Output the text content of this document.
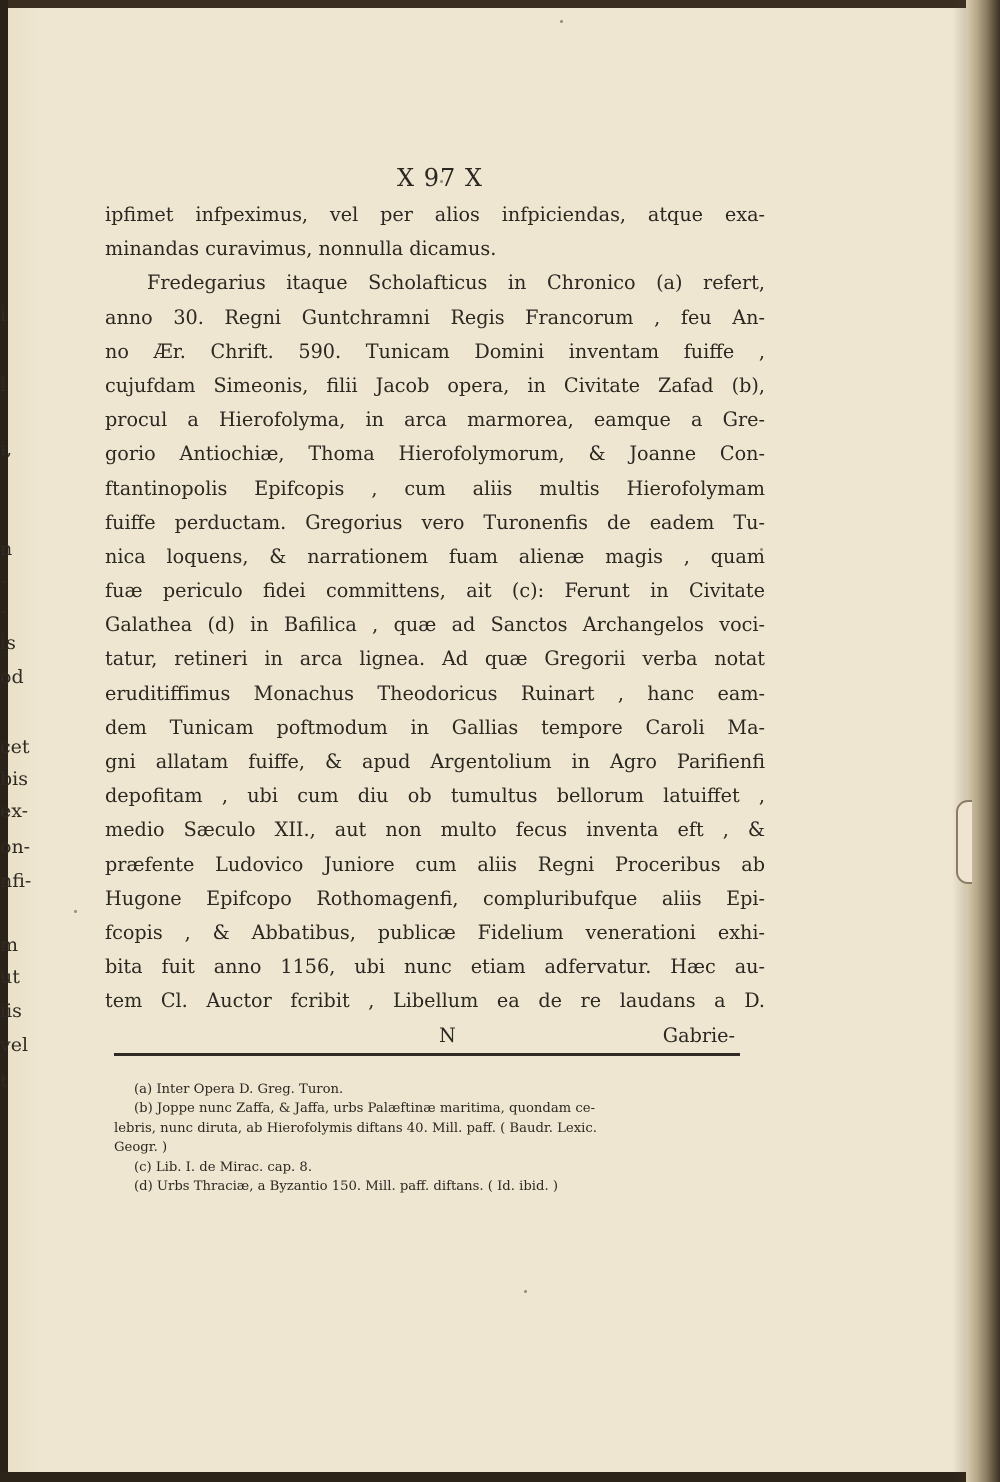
i
l
i,
n
-
-
is
od
cet
bis
ex-
on-
nfi-
m
ut
iis
vel
t
X 97 X
ipfimet infpeximus, vel per alios infpiciendas, atque exa-
minandas curavimus, nonnulla dicamus.
Fredegarius itaque Scholafticus in Chronico (a) refert,
anno 30. Regni Guntchramni Regis Francorum , feu An-
no Ær. Chrift. 590. Tunicam Domini inventam fuiffe ,
cujufdam Simeonis, filii Jacob opera, in Civitate Zafad (b),
procul a Hierofolyma, in arca marmorea, eamque a Gre-
gorio Antiochiæ, Thoma Hierofolymorum, & Joanne Con-
ftantinopolis Epifcopis , cum aliis multis Hierofolymam
fuiffe perductam. Gregorius vero Turonenfis de eadem Tu-
nica loquens, & narrationem fuam alienæ magis , quam
fuæ periculo fidei committens, ait (c): Ferunt in Civitate
Galathea (d) in Bafilica , quæ ad Sanctos Archangelos voci-
tatur, retineri in arca lignea. Ad quæ Gregorii verba notat
eruditiffimus Monachus Theodoricus Ruinart , hanc eam-
dem Tunicam poftmodum in Gallias tempore Caroli Ma-
gni allatam fuiffe, & apud Argentolium in Agro Parifienfi
depofitam , ubi cum diu ob tumultus bellorum latuiffet ,
medio Sæculo XII., aut non multo fecus inventa eft , &
præfente Ludovico Juniore cum aliis Regni Proceribus ab
Hugone Epifcopo Rothomagenfi, compluribufque aliis Epi-
fcopis , & Abbatibus, publicæ Fidelium venerationi exhi-
bita fuit anno 1156, ubi nunc etiam adfervatur. Hæc au-
tem Cl. Auctor fcribit , Libellum ea de re laudans a D.
N	Gabrie-
(a) Inter Opera D. Greg. Turon.
(b) Joppe nunc Zaffa, & Jaffa, urbs Palæftinæ maritima, quondam ce-
lebris, nunc diruta, ab Hierofolymis diftans 40. Mill. paff. ( Baudr. Lexic.
Geogr. )
(c) Lib. I. de Mirac. cap. 8.
(d) Urbs Thraciæ, a Byzantio 150. Mill. paff. diftans. ( Id. ibid. )
